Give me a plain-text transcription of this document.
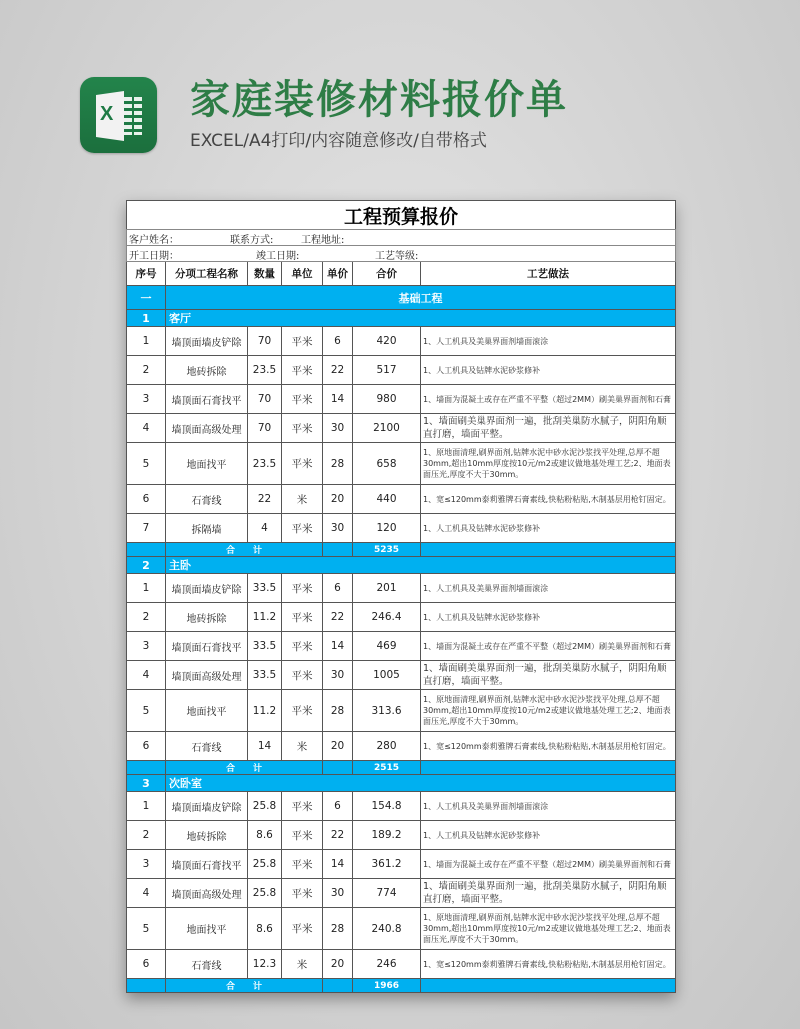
X 家庭装修材料报价单
EXCEL/A4打印/内容随意修改/自带格式
工程预算报价						

客户姓名： 联系方式: 工程地址:						

开工日期： 竣工日期: 工艺等级:						

序号	分项工程名称	数量	单位	单价	合价	工艺做法
一	基础工程					
1	客厅					
1	墙顶面墙皮铲除	70	平米	6	420	1、人工机具及美巢界面剂墙面滚涂
2	地砖拆除	23.5	平米	22	517	1、人工机具及钻牌水泥砂浆修补
3	墙顶面石膏找平	70	平米	14	980	1、墙面为混凝土或存在严重不平整（超过2MM）刷美巢界面剂和石膏
4	墙顶面高级处理	70	平米	30	2100	1、墙面刷美巢界面剂一遍，批刮美巢防水腻子，阴阳角顺直打磨，墙面平整。
5	地面找平	23.5	平米	28	658	1、原地面清理,刷界面剂,钻牌水泥中砂水泥沙浆找平处理,总厚不超30mm,超出10mm厚度按10元/m2或建议做地基处理工艺;2、地面表面压光,厚度不大于30mm。
6	石膏线	22	米	20	440	1、宽≤120mm泰莉雅牌石膏素线,快粘粉粘贴,木制基层用枪钉固定。
7	拆隔墙	4	平米	30	120	1、人工机具及钻牌水泥砂浆修补
	合　　计				5235	
2	主卧					
1	墙顶面墙皮铲除	33.5	平米	6	201	1、人工机具及美巢界面剂墙面滚涂
2	地砖拆除	11.2	平米	22	246.4	1、人工机具及钻牌水泥砂浆修补
3	墙顶面石膏找平	33.5	平米	14	469	1、墙面为混凝土或存在严重不平整（超过2MM）刷美巢界面剂和石膏
4	墙顶面高级处理	33.5	平米	30	1005	1、墙面刷美巢界面剂一遍，批刮美巢防水腻子，阴阳角顺直打磨，墙面平整。
5	地面找平	11.2	平米	28	313.6	1、原地面清理,刷界面剂,钻牌水泥中砂水泥沙浆找平处理,总厚不超30mm,超出10mm厚度按10元/m2或建议做地基处理工艺;2、地面表面压光,厚度不大于30mm。
6	石膏线	14	米	20	280	1、宽≤120mm泰莉雅牌石膏素线,快粘粉粘贴,木制基层用枪钉固定。
	合　　计				2515	
3	次卧室					
1	墙顶面墙皮铲除	25.8	平米	6	154.8	1、人工机具及美巢界面剂墙面滚涂
2	地砖拆除	8.6	平米	22	189.2	1、人工机具及钻牌水泥砂浆修补
3	墙顶面石膏找平	25.8	平米	14	361.2	1、墙面为混凝土或存在严重不平整（超过2MM）刷美巢界面剂和石膏
4	墙顶面高级处理	25.8	平米	30	774	1、墙面刷美巢界面剂一遍，批刮美巢防水腻子，阴阳角顺直打磨，墙面平整。
5	地面找平	8.6	平米	28	240.8	1、原地面清理,刷界面剂,钻牌水泥中砂水泥沙浆找平处理,总厚不超30mm,超出10mm厚度按10元/m2或建议做地基处理工艺;2、地面表面压光,厚度不大于30mm。
6	石膏线	12.3	米	20	246	1、宽≤120mm泰莉雅牌石膏素线,快粘粉粘贴,木制基层用枪钉固定。
	合　　计				1966	
